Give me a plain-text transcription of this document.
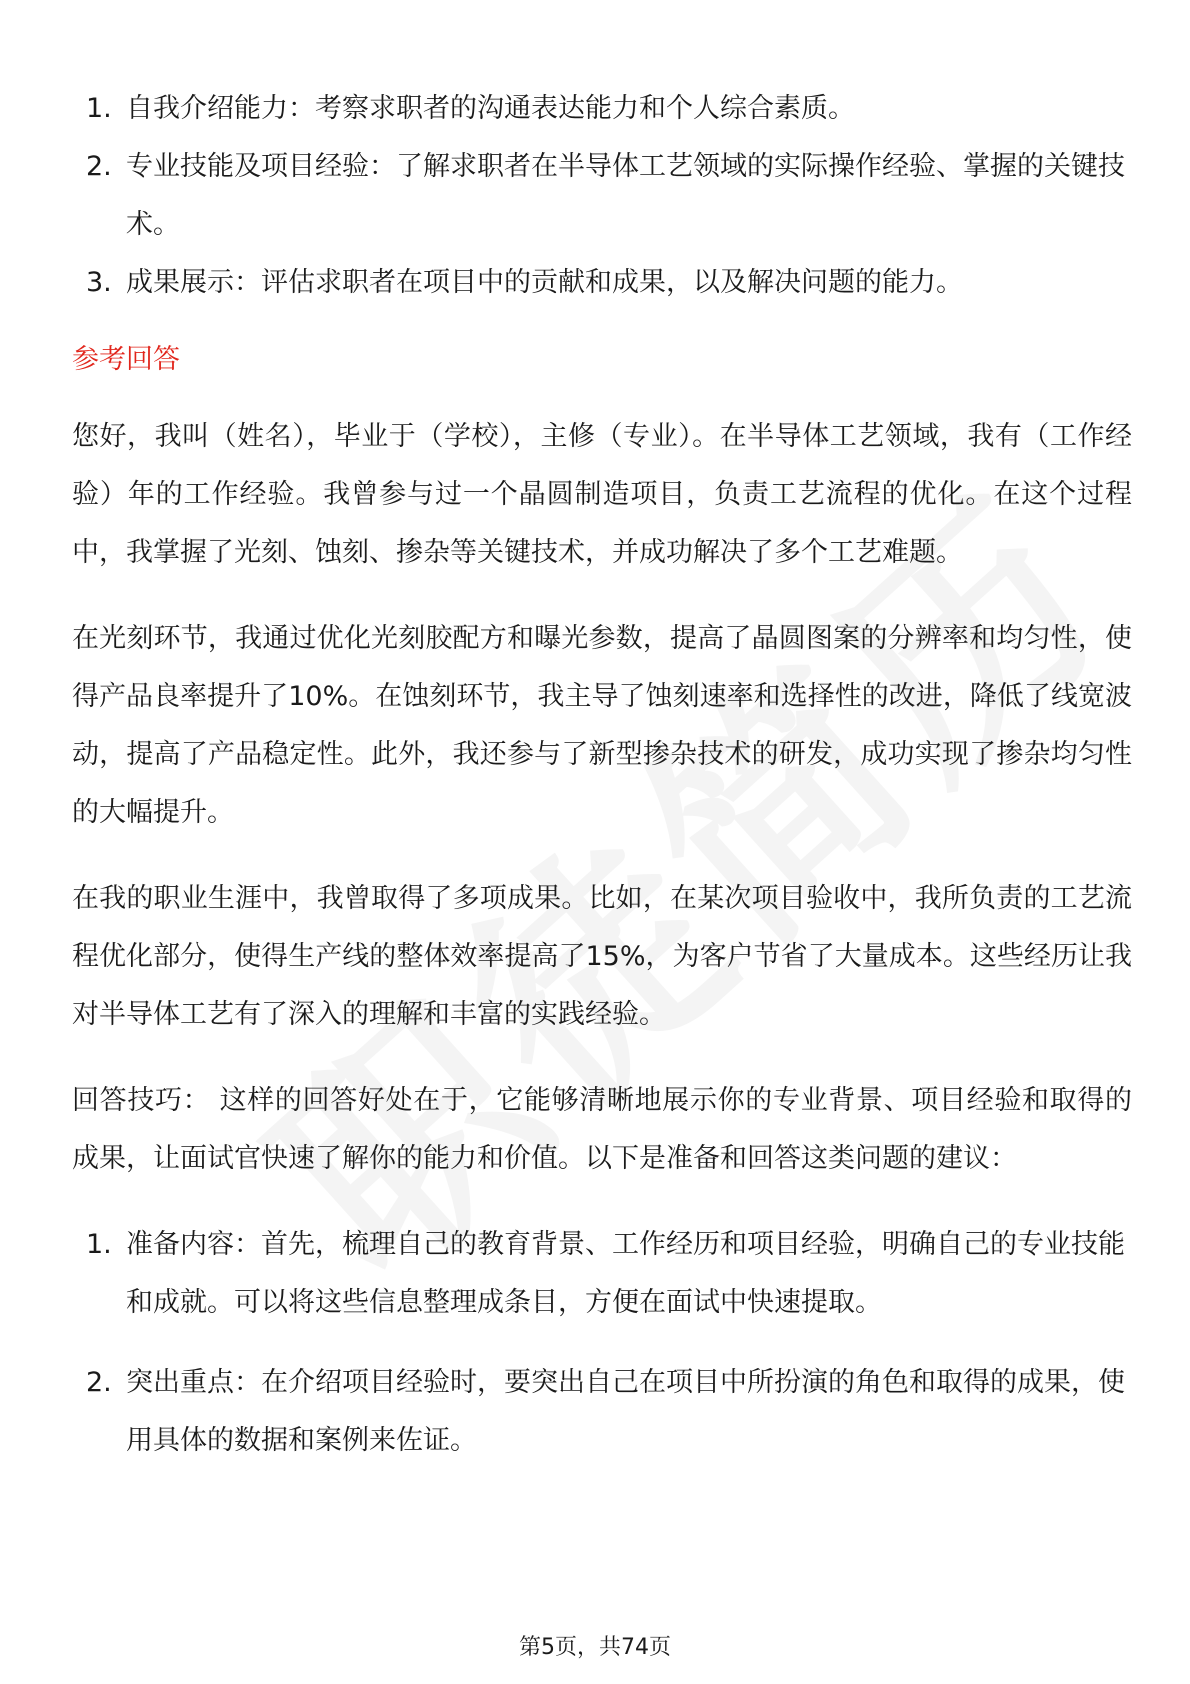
1. 自我介绍能力：考察求职者的沟通表达能力和个人综合素质。
2. 专业技能及项目经验：了解求职者在半导体工艺领域的实际操作经验、掌握的关键技术。
3. 成果展示：评估求职者在项目中的贡献和成果，以及解决问题的能力。
参考回答

您好，我叫（姓名），毕业于（学校），主修（专业）。在半导体工艺领域，我有（工作经验）年的工作经验。我曾参与过一个晶圆制造项目，负责工艺流程的优化。在这个过程中，我掌握了光刻、蚀刻、掺杂等关键技术，并成功解决了多个工艺难题。

在光刻环节，我通过优化光刻胶配方和曝光参数，提高了晶圆图案的分辨率和均匀性，使得产品良率提升了10%。在蚀刻环节，我主导了蚀刻速率和选择性的改进，降低了线宽波动，提高了产品稳定性。此外，我还参与了新型掺杂技术的研发，成功实现了掺杂均匀性的大幅提升。

在我的职业生涯中，我曾取得了多项成果。比如，在某次项目验收中，我所负责的工艺流程优化部分，使得生产线的整体效率提高了15%，为客户节省了大量成本。这些经历让我对半导体工艺有了深入的理解和丰富的实践经验。

回答技巧： 这样的回答好处在于，它能够清晰地展示你的专业背景、项目经验和取得的成果，让面试官快速了解你的能力和价值。以下是准备和回答这类问题的建议：

1. 准备内容：首先，梳理自己的教育背景、工作经历和项目经验，明确自己的专业技能和成就。可以将这些信息整理成条目，方便在面试中快速提取。
2. 突出重点：在介绍项目经验时，要突出自己在项目中所扮演的角色和取得的成果，使用具体的数据和案例来佐证。
第5页，共74页
